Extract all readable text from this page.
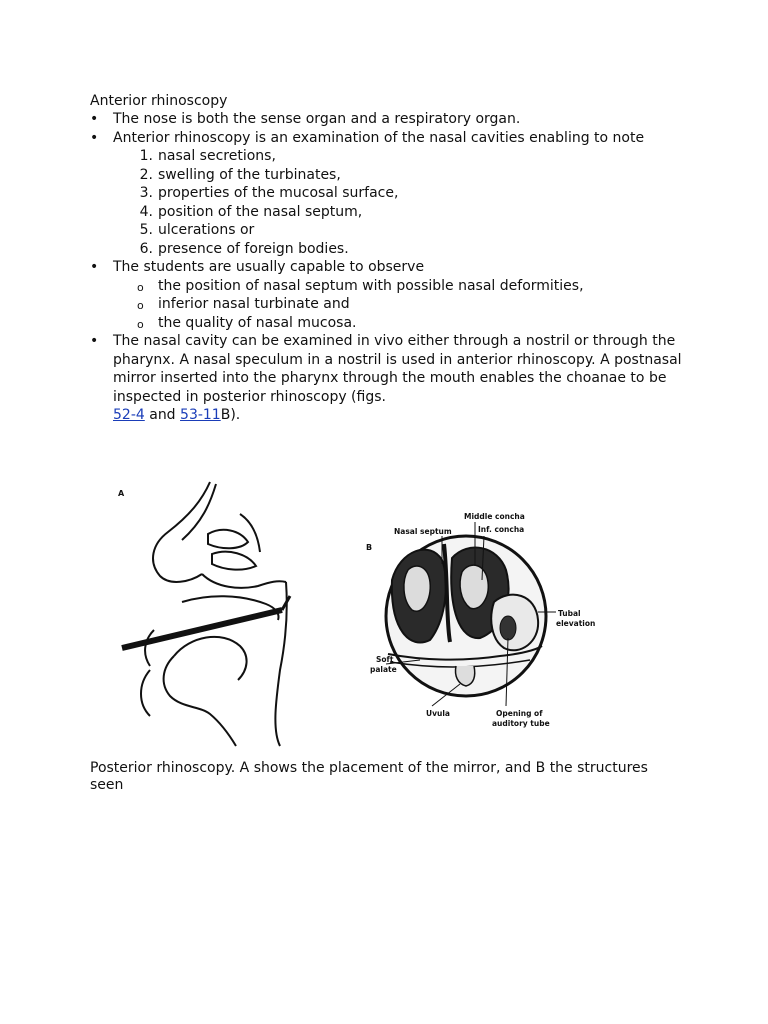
Anterior rhinoscopy
• The nose is both the sense organ and a respiratory organ.
• Anterior rhinoscopy is an examination of the nasal cavities enabling to note
1. nasal secretions,
2. swelling of the turbinates,
3. properties of the mucosal surface,
4. position of the nasal septum,
5. ulcerations or
6. presence of foreign bodies.
• The students are usually capable to observe
o the position of nasal septum with possible nasal deformities,
o inferior nasal turbinate and
o the quality of nasal mucosa.
• The nasal cavity can be examined in vivo either through a nostril or through the pharynx. A nasal speculum in a nostril is used in anterior rhinoscopy. A postnasal mirror inserted into the pharynx through the mouth enables the choanae to be inspected in posterior rhinoscopy (figs.
52-4 and 53-11B).
A
B
Middle concha
Inf. concha
Nasal septum
Tubal
elevation
Soft
palate
Uvula	Opening of
auditory tube
Posterior rhinoscopy. A shows the placement of the mirror, and B the structures seen
